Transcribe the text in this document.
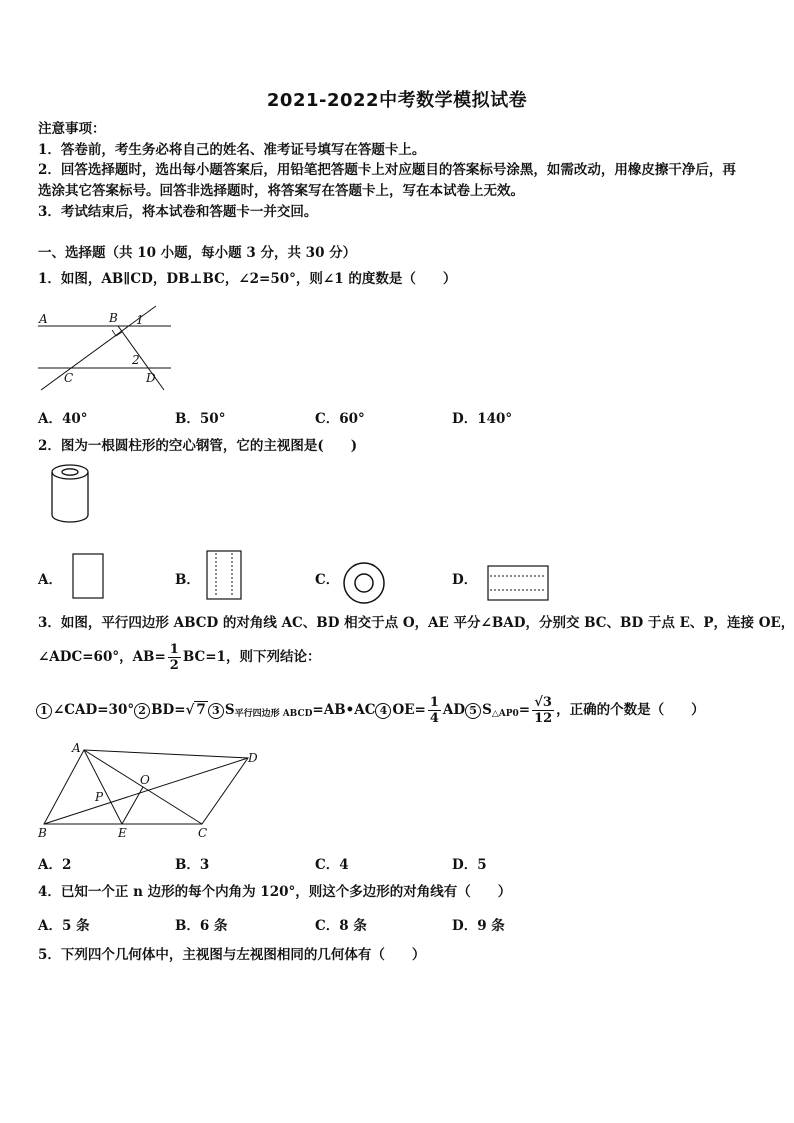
2021-2022中考数学模拟试卷
注意事项：
1．答卷前，考生务必将自己的姓名、准考证号填写在答题卡上。
2．回答选择题时，选出每小题答案后，用铅笔把答题卡上对应题目的答案标号涂黑，如需改动，用橡皮擦干净后，再
选涂其它答案标号。回答非选择题时，将答案写在答题卡上，写在本试卷上无效。
3．考试结束后，将本试卷和答题卡一并交回。
一、选择题（共 10 小题，每小题 3 分，共 30 分）
1．如图，AB∥CD，DB⊥BC，∠2=50°，则∠1 的度数是（　　）
A	B 1
2
C	D
A．40°	B．50°	C．60°	D．140°
2．图为一根圆柱形的空心钢管，它的主视图是(　　)
A．	B．	C．	D．
3．如图，平行四边形 ABCD 的对角线 AC、BD 相交于点 O，AE 平分∠BAD，分别交 BC、BD 于点 E、P，连接 OE，
∠ADC=60°，$AB= \frac{1}{2} BC=1$，则下列结论：
1 ∠CAD=30° 2 BD=√ 7 3 $S_{平行四边形 ABCD}=AB•AC$ 4 $OE= \frac{1}{4}$ AD 5 $S_{\triangle AP0}= \frac{√3}{12}$ ，正确的个数是（　　）
A
D
O
P
B	E	C
A．2	B．3	C．4	D．5
4．已知一个正 n 边形的每个内角为 120°，则这个多边形的对角线有（　　）
A．5 条	B．6 条	C．8 条	D．9 条
5．下列四个几何体中，主视图与左视图相同的几何体有（　　）
